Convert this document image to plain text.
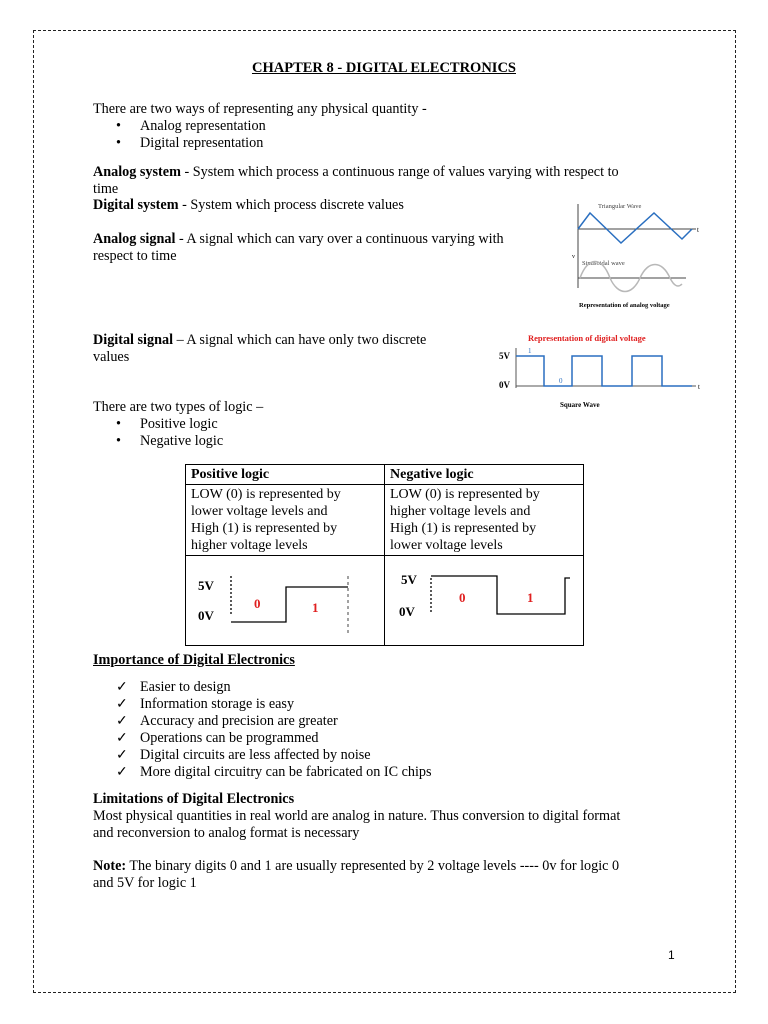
CHAPTER 8 - DIGITAL ELECTRONICS
There are two ways of representing any physical quantity -
• Analog representation
• Digital representation
Analog system - System which process a continuous range of values varying with respect to
time
Digital system - System which process discrete values
Analog signal - A signal which can vary over a continuous varying with
respect to time
t
Triangular Wave
v
Sinusoidal wave
Representation of analog voltage
Digital signal – A signal which can have only two discrete
values
Representation of digital voltage
5V
0V	t
1
0
Square Wave
There are two types of logic –
• Positive logic
• Negative logic
Positive logic	Negative logic
LOW (0) is represented by
lower voltage levels and
High (1) is represented by
higher voltage levels	LOW (0) is represented by
higher voltage levels and
High (1) is represented by
lower voltage levels

5V
0V
0 1	5V
0V
0 1
Importance of Digital Electronics
✓ Easier to design
✓ Information storage is easy
✓ Accuracy and precision are greater
✓ Operations can be programmed
✓ Digital circuits are less affected by noise
✓ More digital circuitry can be fabricated on IC chips
Limitations of Digital Electronics
Most physical quantities in real world are analog in nature. Thus conversion to digital format
and reconversion to analog format is necessary
Note: The binary digits 0 and 1 are usually represented by 2 voltage levels ---- 0v for logic 0
and 5V for logic 1
1
